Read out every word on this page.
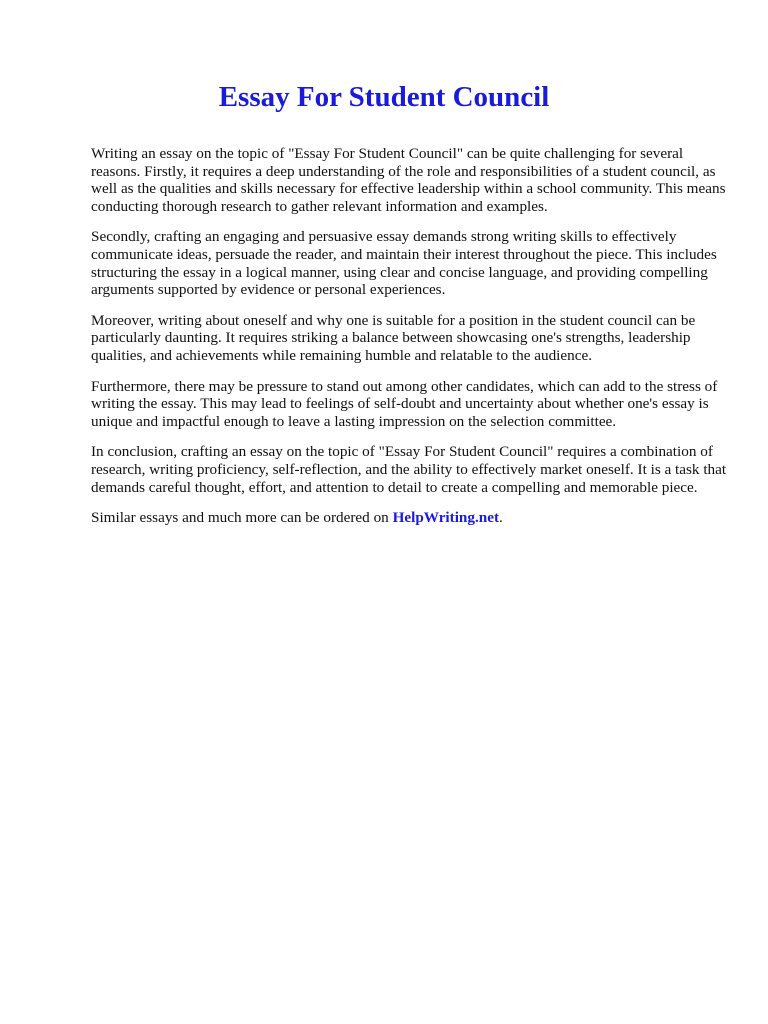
Essay For Student Council

Writing an essay on the topic of "Essay For Student Council" can be quite challenging for several reasons. Firstly, it requires a deep understanding of the role and responsibilities of a student council, as well as the qualities and skills necessary for effective leadership within a school community. This means conducting thorough research to gather relevant information and examples.

Secondly, crafting an engaging and persuasive essay demands strong writing skills to effectively communicate ideas, persuade the reader, and maintain their interest throughout the piece. This includes structuring the essay in a logical manner, using clear and concise language, and providing compelling arguments supported by evidence or personal experiences.

Moreover, writing about oneself and why one is suitable for a position in the student council can be particularly daunting. It requires striking a balance between showcasing one's strengths, leadership qualities, and achievements while remaining humble and relatable to the audience.

Furthermore, there may be pressure to stand out among other candidates, which can add to the stress of writing the essay. This may lead to feelings of self-doubt and uncertainty about whether one's essay is unique and impactful enough to leave a lasting impression on the selection committee.

In conclusion, crafting an essay on the topic of "Essay For Student Council" requires a combination of research, writing proficiency, self-reflection, and the ability to effectively market oneself. It is a task that demands careful thought, effort, and attention to detail to create a compelling and memorable piece.

Similar essays and much more can be ordered on HelpWriting.net.
